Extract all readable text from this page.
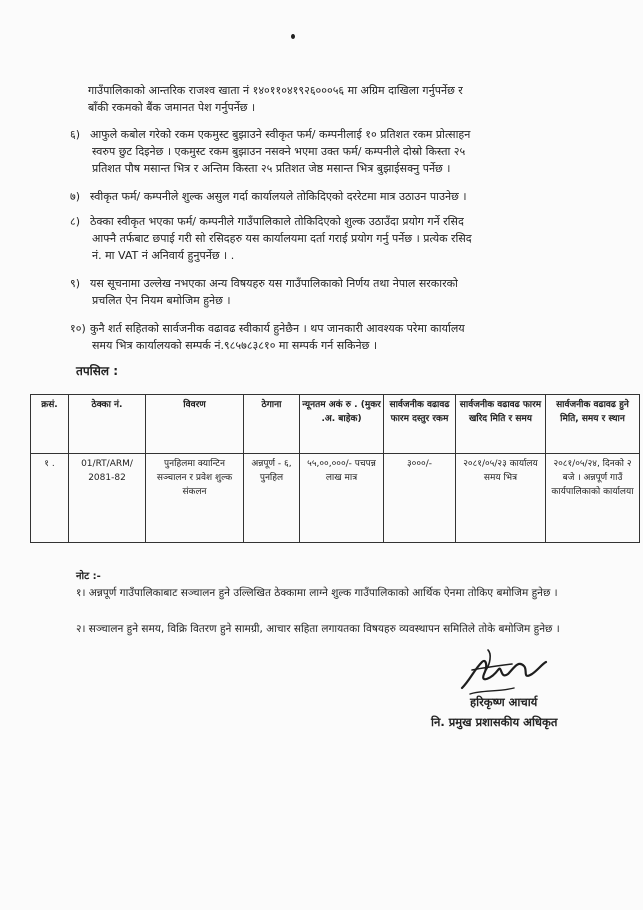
गाउँपालिकाको आन्तरिक राजश्व खाता नं १४०११०४१९२६०००५६ मा अग्रिम दाखिला गर्नुपर्नेछ र
बाँकी रकमको बैंक जमानत पेश गर्नुपर्नेछ ।
६) आफुले कबोल गरेको रकम एकमुस्ट बुझाउने स्वीकृत फर्म/ कम्पनीलाई १० प्रतिशत रकम प्रोत्साहन
स्वरुप छुट दिइनेछ । एकमुस्ट रकम बुझाउन नसक्ने भएमा उक्त फर्म/ कम्पनीले दोस्रो किस्ता २५
प्रतिशत पौष मसान्त भित्र र अन्तिम किस्ता २५ प्रतिशत जेष्ठ मसान्त भित्र बुझाईसक्नु पर्नेछ ।
७) स्वीकृत फर्म/ कम्पनीले शुल्क असुल गर्दा कार्यालयले तोकिदिएको दररेटमा मात्र उठाउन पाउनेछ ।
८) ठेक्का स्वीकृत भएका फर्म/ कम्पनीले गाउँपालिकाले तोकिदिएको शुल्क उठाउँदा प्रयोग गर्ने रसिद
आफ्नै तर्फबाट छपाई गरी सो रसिदहरु यस कार्यालयमा दर्ता गराई प्रयोग गर्नु पर्नेछ । प्रत्येक रसिद
नं. मा VAT नं अनिवार्य हुनुपर्नेछ । .
९) यस सूचनामा उल्लेख नभएका अन्य विषयहरु यस गाउँपालिकाको निर्णय तथा नेपाल सरकारको
प्रचलित ऐन नियम बमोजिम हुनेछ ।
१०) कुनै शर्त सहितको सार्वजनीक वढावढ स्वीकार्य हुनेछैन । थप जानकारी आवश्यक परेमा कार्यालय
समय भित्र कार्यालयको सम्पर्क नं.९८५७८३८१० मा सम्पर्क गर्न सकिनेछ ।
तपसिल :
क्रसं.	ठेक्का नं.	विवरण	ठेगाना	न्यूनतम अकं रु . (मुकर .अ. बाहेक)	सार्वजनीक वढावढ फारम दस्तुर रकम	सार्वजनीक वढावढ फारम खरिद मिति र समय	सार्वजनीक वढावढ हुने मिति, समय र स्थान
१ .	01/RT/ARM/ 2081-82	पुनहिलमा क्यान्टिन सञ्चालन र प्रवेश शुल्क संकलन	अन्नपूर्ण - ६, पुनहिल	५५,००,०००/- पचपन्न लाख मात्र	३०००/-	२०८१/०५/२३ कार्यालय समय भित्र	२०८१/०५/२४, दिनको २ बजे । अन्नपूर्ण गाउँ कार्यपालिकाको कार्यालया
नोट :-
१। अन्नपूर्ण गाउँपालिकाबाट सञ्चालन हुने उल्लिखित ठेक्कामा लाग्ने शुल्क गाउँपालिकाको आर्थिक ऐनमा तोकिए बमोजिम हुनेछ ।
२। सञ्चालन हुने समय, विक्रि वितरण हुने सामग्री, आचार सहिता लगायतका विषयहरु व्यवस्थापन समितिले तोके बमोजिम हुनेछ ।
हरिकृष्ण आचार्य
नि. प्रमुख प्रशासकीय अधिकृत
